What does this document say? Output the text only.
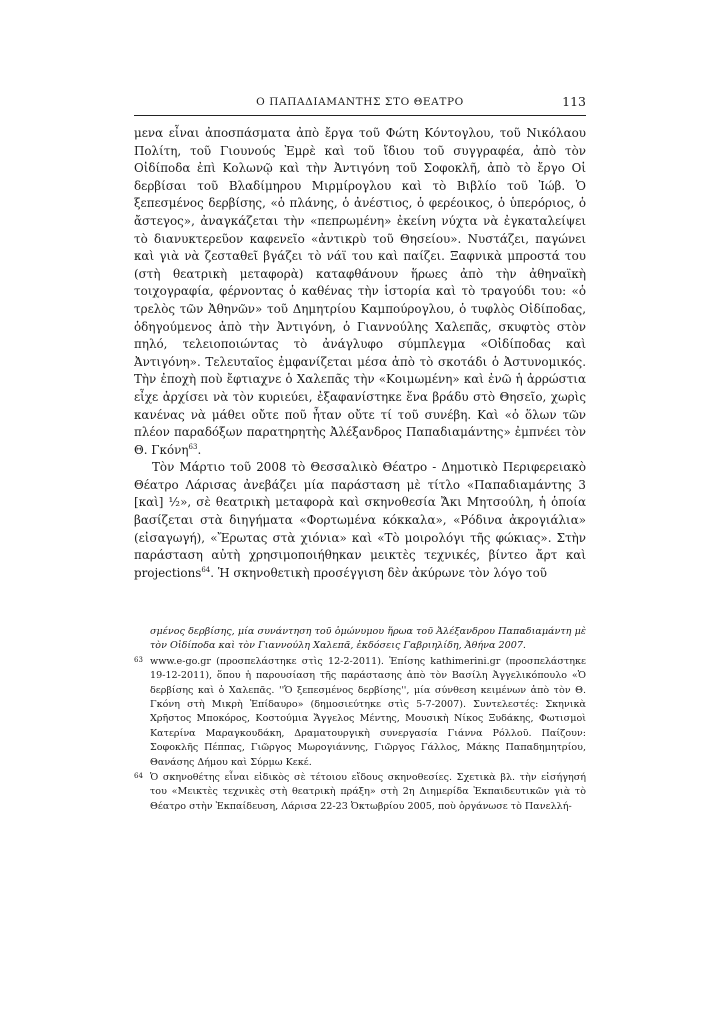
Ο ΠΑΠΑΔΙΑΜΑΝΤΗΣ ΣΤΟ ΘΕΑΤΡΟ	113

μενα εἶναι ἀποσπάσματα ἀπὸ ἔργα τοῦ Φώτη Κόντογλου, τοῦ Νικόλαου Πολίτη, τοῦ Γιουνούς Ἐμρὲ καὶ τοῦ ἴδιου τοῦ συγγραφέα, ἀπὸ τὸν Οἰδίποδα ἐπὶ Κολωνῷ καὶ τὴν Ἀντιγόνη τοῦ Σοφοκλῆ, ἀπὸ τὸ ἔργο Οἱ δερβίσαι τοῦ Βλαδίμηρου Μιρμίρογλου καὶ τὸ Βιβλίο τοῦ Ἰώβ. Ὁ ξεπεσμένος δερβίσης, «ὁ πλάνης, ὁ ἀνέστιος, ὁ φερέοικος, ὁ ὑπερόριος, ὁ ἄστεγος», ἀναγκάζεται τὴν «πεπρωμένη» ἐκείνη νύχτα νὰ ἐγκαταλείψει τὸ διανυκτερεῦον καφενεῖο «ἀντικρὺ τοῦ Θησείου». Νυστάζει, παγώνει καὶ γιὰ νὰ ζεσταθεῖ βγάζει τὸ νάϊ του καὶ παίζει. Ξαφνικὰ μπροστά του (στὴ θεατρικὴ μεταφορὰ) καταφθάνουν ἥρωες ἀπὸ τὴν ἀθηναϊκὴ τοιχογραφία, φέρνοντας ὁ καθένας τὴν ἱστορία καὶ τὸ τραγούδι του: «ὁ τρελὸς τῶν Ἀθηνῶν» τοῦ Δημητρίου Καμπούρογλου, ὁ τυφλὸς Οἰδίποδας, ὁδηγούμενος ἀπὸ τὴν Ἀντιγόνη, ὁ Γιαννούλης Χαλεπᾶς, σκυφτὸς στὸν πηλό, τελειοποιώντας τὸ ἀνάγλυφο σύμπλεγμα «Οἰδίποδας καὶ Ἀντιγόνη». Τελευταῖος ἐμφανίζεται μέσα ἀπὸ τὸ σκοτάδι ὁ Ἀστυνομικός. Τὴν ἐποχὴ ποὺ ἔφτιαχνε ὁ Χαλεπᾶς τὴν «Κοιμωμένη» καὶ ἐνῶ ἡ ἀρρώστια εἶχε ἀρχίσει νὰ τὸν κυριεύει, ἐξαφανίστηκε ἕνα βράδυ στὸ Θησεῖο, χωρὶς κανένας νὰ μάθει οὔτε ποῦ ἦταν οὔτε τί τοῦ συνέβη. Καὶ «ὁ ὅλων τῶν πλέον παραδόξων παρατηρητὴς Ἀλέξανδρος Παπαδιαμάντης» ἐμπνέει τὸν Θ. Γκόνη$^{63}$.

Τὸν Μάρτιο τοῦ 2008 τὸ Θεσσαλικὸ Θέατρο - Δημοτικὸ Περιφερειακὸ Θέατρο Λάρισας ἀνεβάζει μία παράσταση μὲ τίτλο «Παπαδιαμάντης 3 [καὶ] ½», σὲ θεατρικὴ μεταφορὰ καὶ σκηνοθεσία Ἄκι Μητσούλη, ἡ ὁποία βασίζεται στὰ διηγήματα «Φορτωμένα κόκκαλα», «Ρόδινα ἀκρογιάλια» (εἰσαγωγή), «Ἔρωτας στὰ χιόνια» καὶ «Τὸ μοιρολόγι τῆς φώκιας». Στὴν παράσταση αὐτὴ χρησιμοποιήθηκαν μεικτὲς τεχνικές, βίντεο ἄρτ καὶ projections$^{64}$. Ἡ σκηνοθετικὴ προσέγγιση δὲν ἀκύρωνε τὸν λόγο τοῦ

σμένος δερβίσης, μία συνάντηση τοῦ ὁμώνυμου ἥρωα τοῦ Ἀλέξανδρου Παπαδιαμάντη μὲ τὸν Οἰδίποδα καὶ τὸν Γιαννούλη Χαλεπᾶ, ἐκδόσεις Γαβριηλίδη, Ἀθήνα 2007.

63 www.e-go.gr (προσπελάστηκε στὶς 12-2-2011). Ἐπίσης kathimerini.gr (προσπελάστηκε 19-12-2011), ὅπου ἡ παρουσίαση τῆς παράστασης ἀπὸ τὸν Βασίλη Ἀγγελικόπουλο «Ὁ δερβίσης καὶ ὁ Χαλεπᾶς. ''Ὁ ξεπεσμένος δερβίσης'', μία σύνθεση κειμένων ἀπὸ τὸν Θ. Γκόνη στὴ Μικρὴ Ἐπίδαυρο» (δημοσιεύτηκε στὶς 5-7-2007). Συντελεστές: Σκηνικὰ Χρῆστος Μποκόρος, Κοστούμια Ἄγγελος Μέντης, Μουσικὴ Νίκος Ξυδάκης, Φωτισμοὶ Κατερίνα Μαραγκουδάκη, Δραματουργικὴ συνεργασία Γιάννα Ρόλλοῦ. Παίζουν: Σοφοκλῆς Πέππας, Γιῶργος Μωρογιάννης, Γιῶργος Γάλλος, Μάκης Παπαδημητρίου, Θανάσης Δήμου καὶ Σύρμω Κεκέ.

64 Ὁ σκηνοθέτης εἶναι εἰδικὸς σὲ τέτοιου εἴδους σκηνοθεσίες. Σχετικὰ βλ. τὴν εἰσήγησή του «Μεικτὲς τεχνικὲς στὴ θεατρικὴ πράξη» στὴ 2η Διημερίδα Ἐκπαιδευτικῶν γιὰ τὸ Θέατρο στὴν Ἐκπαίδευση, Λάρισα 22-23 Ὀκτωβρίου 2005, ποὺ ὀργάνωσε τὸ Πανελλή-
